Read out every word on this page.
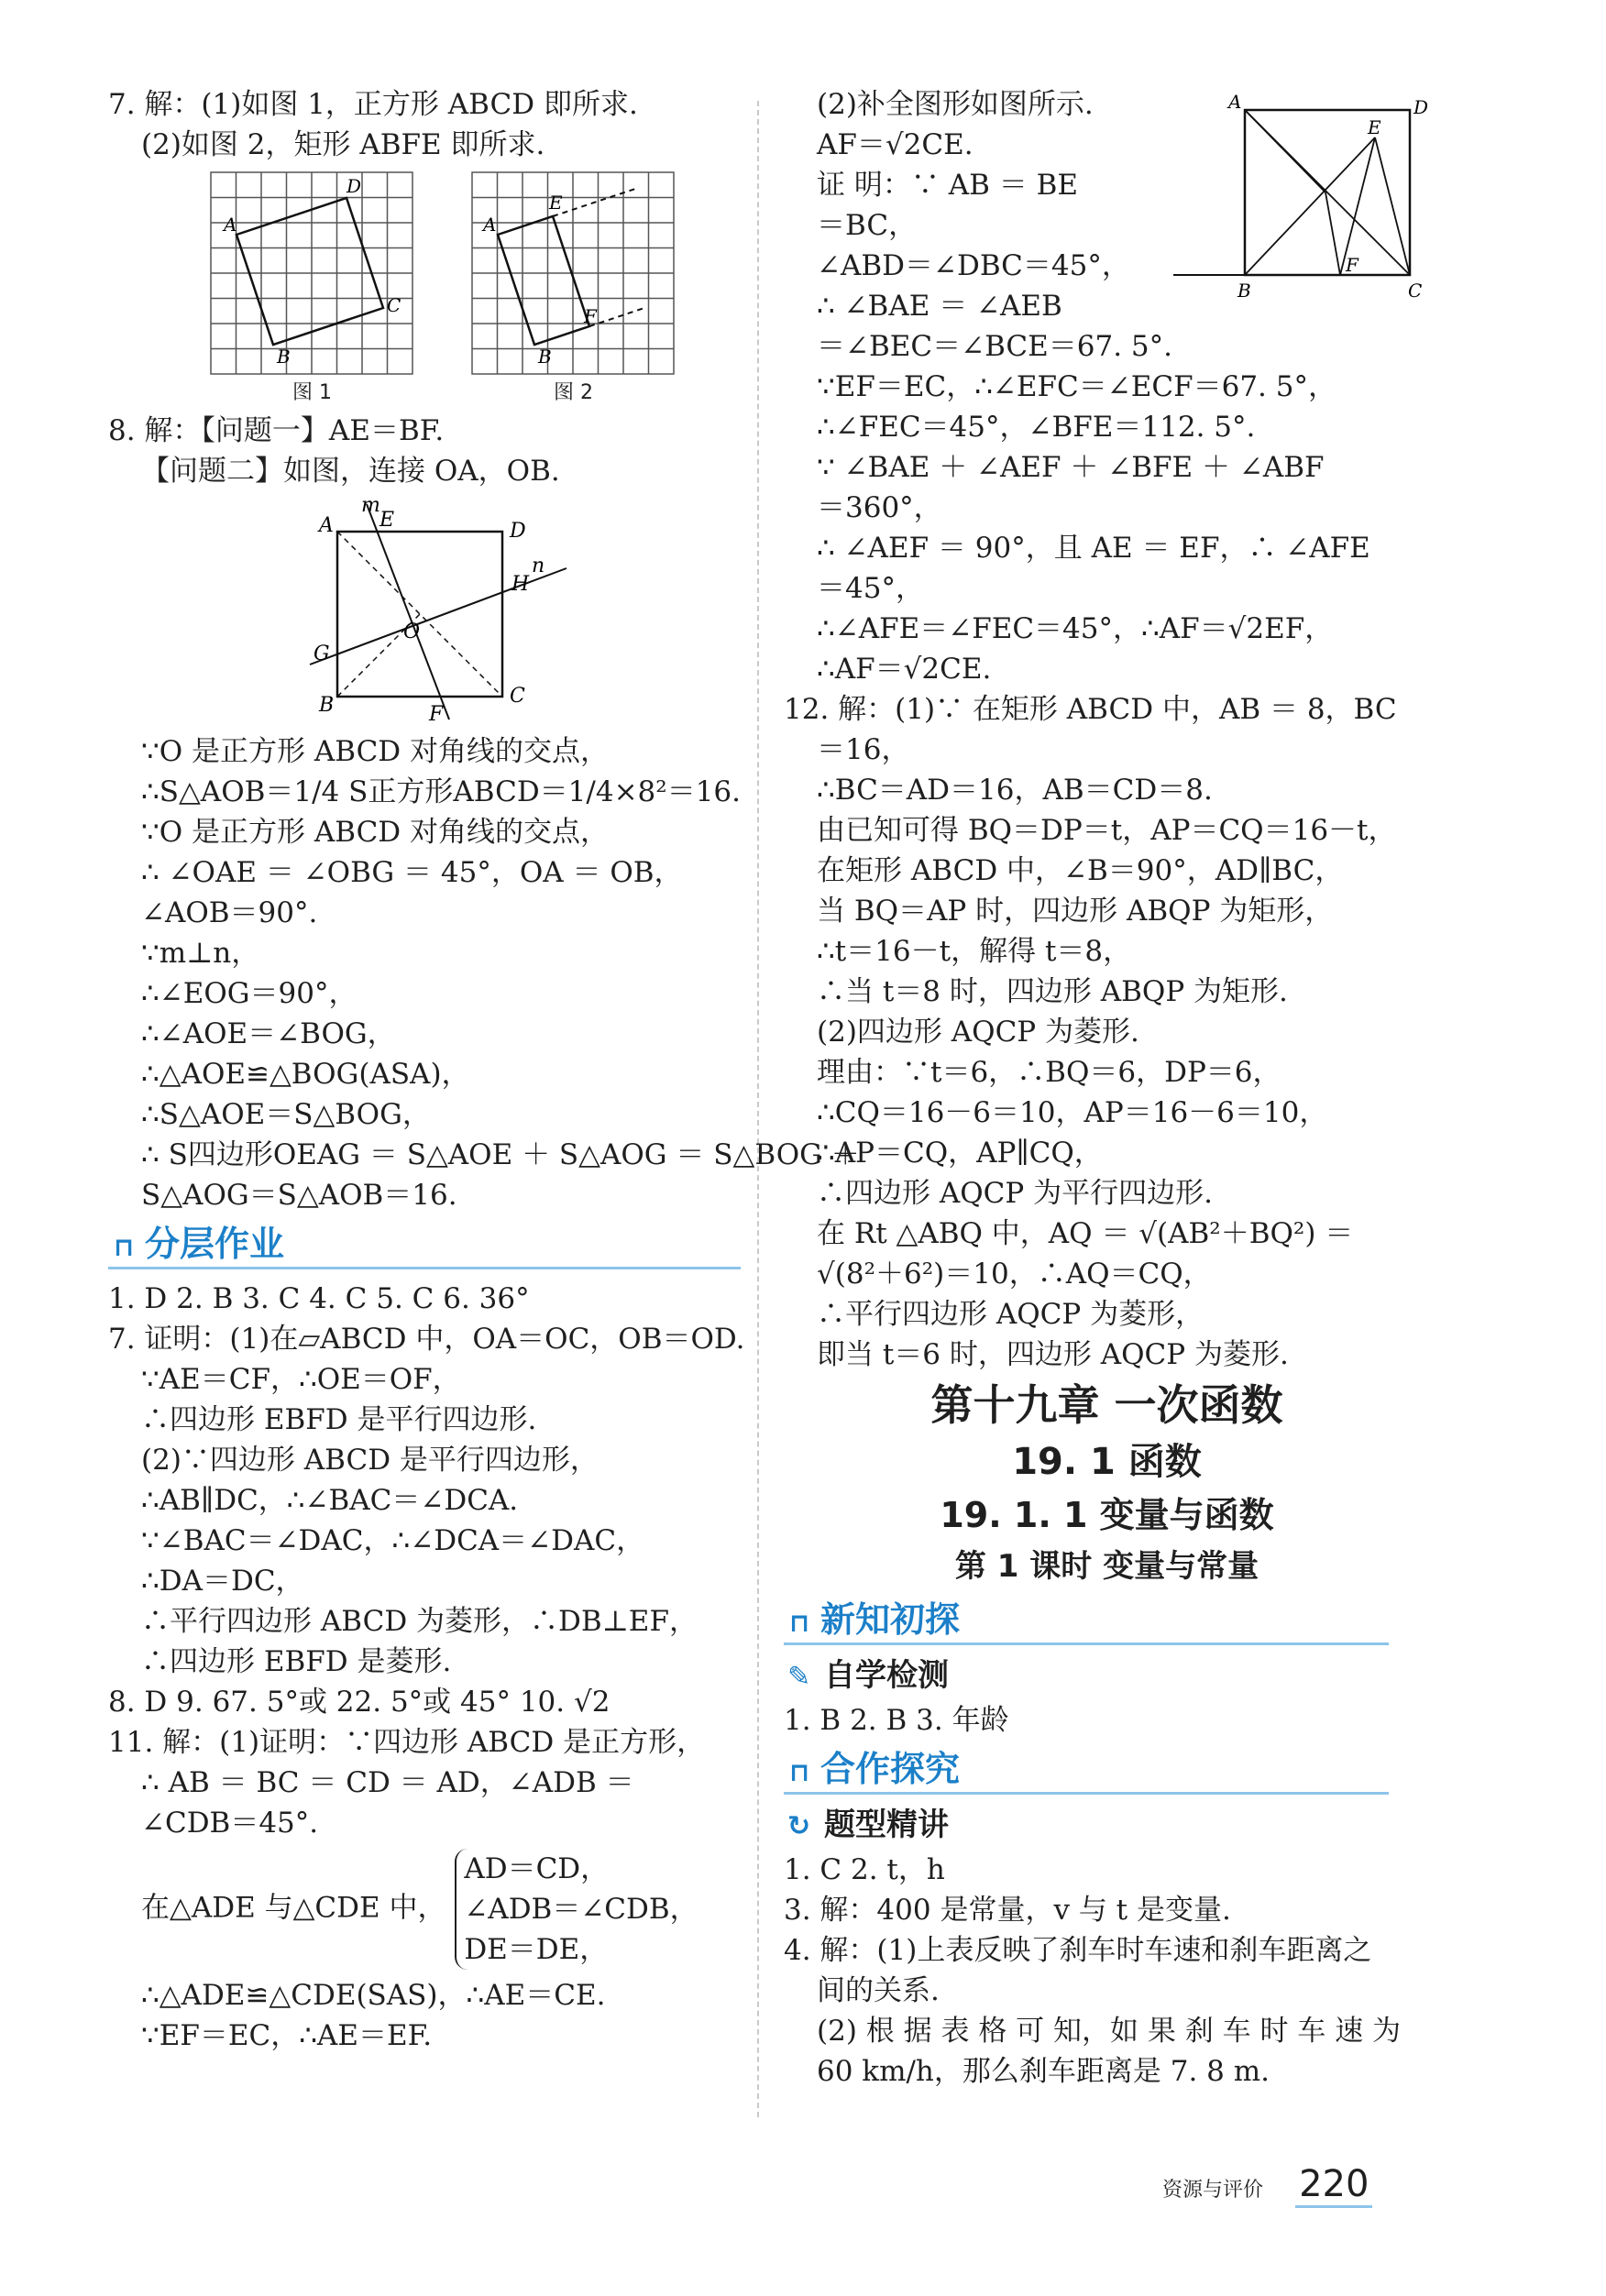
7. 解：(1)如图 1，正方形 ABCD 即所求.
(2)如图 2，矩形 ABFE 即所求.
A
D
C
B
图 1
A
E
F
B
图 2
8. 解：【问题一】AE＝BF.
【问题二】如图，连接 OA，OB.
A	D
B	C
E
F
G
H
O
m
n
∵O 是正方形 ABCD 对角线的交点，
∴S△AOB＝1/4 S正方形ABCD＝1/4×8²＝16.
∵O 是正方形 ABCD 对角线的交点，
∴ ∠OAE ＝ ∠OBG ＝ 45°，OA ＝ OB，
∠AOB＝90°.
∵m⊥n，
∴∠EOG＝90°，
∴∠AOE＝∠BOG，
∴△AOE≌△BOG(ASA)，
∴S△AOE＝S△BOG，
∴ S四边形OEAG ＝ S△AOE ＋ S△AOG ＝ S△BOG ＋
S△AOG＝S△AOB＝16.
⊓ 分层作业
1. D 2. B 3. C 4. C 5. C 6. 36°
7. 证明：(1)在▱ABCD 中，OA＝OC，OB＝OD.
∵AE＝CF，∴OE＝OF，
∴四边形 EBFD 是平行四边形.
(2)∵四边形 ABCD 是平行四边形，
∴AB∥DC，∴∠BAC＝∠DCA.
∵∠BAC＝∠DAC，∴∠DCA＝∠DAC，
∴DA＝DC，
∴平行四边形 ABCD 为菱形，∴DB⊥EF，
∴四边形 EBFD 是菱形.
8. D 9. 67. 5°或 22. 5°或 45° 10. √2
11. 解：(1)证明：∵四边形 ABCD 是正方形，
∴ AB ＝ BC ＝ CD ＝ AD，∠ADB ＝
∠CDB＝45°.
在△ADE 与△CDE 中，
AD＝CD，
∠ADB＝∠CDB，
DE＝DE，
∴△ADE≌△CDE(SAS)，∴AE＝CE.
∵EF＝EC，∴AE＝EF.
A	D
B	C
E
F
(2)补全图形如图所示.
AF＝√2CE.
证 明：∵ AB ＝ BE
＝BC，
∠ABD＝∠DBC＝45°，
∴ ∠BAE ＝ ∠AEB
＝∠BEC＝∠BCE＝67. 5°.
∵EF＝EC，∴∠EFC＝∠ECF＝67. 5°，
∴∠FEC＝45°，∠BFE＝112. 5°.
∵ ∠BAE ＋ ∠AEF ＋ ∠BFE ＋ ∠ABF
＝360°，
∴ ∠AEF ＝ 90°，且 AE ＝ EF，∴ ∠AFE
＝45°，
∴∠AFE＝∠FEC＝45°，∴AF＝√2EF，
∴AF＝√2CE.
12. 解：(1)∵ 在矩形 ABCD 中，AB ＝ 8，BC
＝16，
∴BC＝AD＝16，AB＝CD＝8.
由已知可得 BQ＝DP＝t，AP＝CQ＝16－t，
在矩形 ABCD 中，∠B＝90°，AD∥BC，
当 BQ＝AP 时，四边形 ABQP 为矩形，
∴t＝16－t，解得 t＝8，
∴当 t＝8 时，四边形 ABQP 为矩形.
(2)四边形 AQCP 为菱形.
理由：∵t＝6，∴BQ＝6，DP＝6，
∴CQ＝16－6＝10，AP＝16－6＝10，
∴AP＝CQ，AP∥CQ，
∴四边形 AQCP 为平行四边形.
在 Rt △ABQ 中，AQ ＝ √(AB²＋BQ²) ＝
√(8²＋6²)＝10，∴AQ＝CQ，
∴平行四边形 AQCP 为菱形，
即当 t＝6 时，四边形 AQCP 为菱形.
第十九章 一次函数
19. 1 函数
19. 1. 1 变量与函数
第 1 课时 变量与常量
⊓ 新知初探
✎ 自学检测
1. B 2. B 3. 年龄
⊓ 合作探究
↻ 题型精讲
1. C 2. t，h
3. 解：400 是常量，v 与 t 是变量.
4. 解：(1)上表反映了刹车时车速和刹车距离之
间的关系.
(2) 根 据 表 格 可 知，如 果 刹 车 时 车 速 为
60 km/h，那么刹车距离是 7. 8 m.
资源与评价 220
